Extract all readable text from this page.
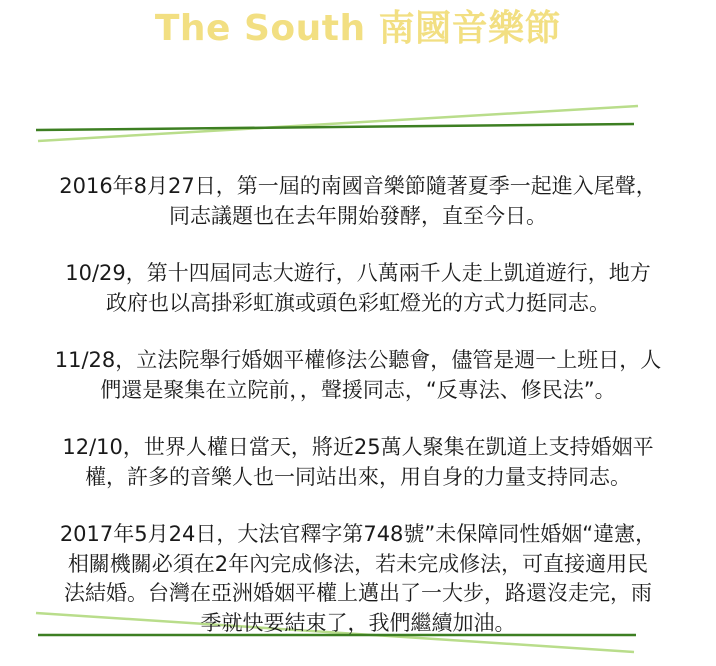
The South 南國音樂節
2016年8月27日，第一屆的南國音樂節隨著夏季一起進入尾聲，
同志議題也在去年開始發酵，直至今日。
10/29，第十四屆同志大遊行，八萬兩千人走上凱道遊行，地方
政府也以高掛彩虹旗或頭色彩虹燈光的方式力挺同志。
11/28，立法院舉行婚姻平權修法公聽會，儘管是週一上班日，人
們還是聚集在立院前，，聲援同志，“反專法、修民法”。
12/10，世界人權日當天，將近25萬人聚集在凱道上支持婚姻平
權，許多的音樂人也一同站出來，用自身的力量支持同志。
2017年5月24日，大法官釋字第748號”未保障同性婚姻“違憲，
相關機關必須在2年內完成修法，若未完成修法，可直接適用民
法結婚。台灣在亞洲婚姻平權上邁出了一大步，路還沒走完，雨
季就快要結束了，我們繼續加油。
